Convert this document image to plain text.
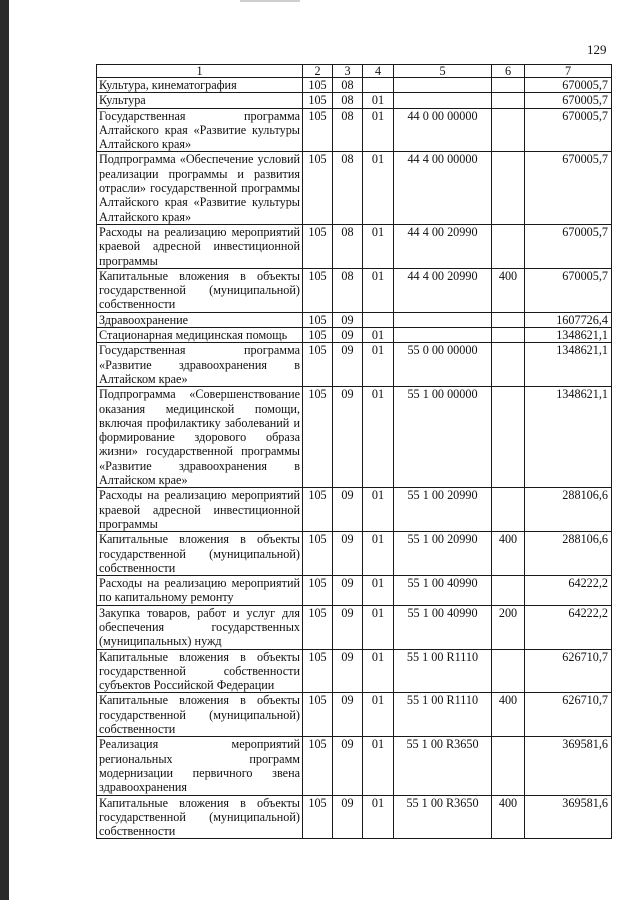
129
1	2	3	4	5	6	7
Культура, кинематография	105	08				670005,7
Культура	105	08	01			670005,7
Государственная программа Алтайского края «Развитие культуры Алтайского края»	105	08	01	44 0 00 00000		670005,7
Подпрограмма «Обеспечение условий реализации программы и развития отрасли» государственной программы Алтайского края «Развитие культуры Алтайского края»	105	08	01	44 4 00 00000		670005,7
Расходы на реализацию мероприятий краевой адресной инвестиционной программы	105	08	01	44 4 00 20990		670005,7
Капитальные вложения в объекты государственной (муниципальной) собственности	105	08	01	44 4 00 20990	400	670005,7
Здравоохранение	105	09				1607726,4
Стационарная медицинская помощь	105	09	01			1348621,1
Государственная программа «Развитие здравоохранения в Алтайском крае»	105	09	01	55 0 00 00000		1348621,1
Подпрограмма «Совершенствование оказания медицинской помощи, включая профилактику заболеваний и формирование здорового образа жизни» государственной программы «Развитие здравоохранения в Алтайском крае»	105	09	01	55 1 00 00000		1348621,1
Расходы на реализацию мероприятий краевой адресной инвестиционной программы	105	09	01	55 1 00 20990		288106,6
Капитальные вложения в объекты государственной (муниципальной) собственности	105	09	01	55 1 00 20990	400	288106,6
Расходы на реализацию мероприятий по капитальному ремонту	105	09	01	55 1 00 40990		64222,2
Закупка товаров, работ и услуг для обеспечения государственных (муниципальных) нужд	105	09	01	55 1 00 40990	200	64222,2
Капитальные вложения в объекты государственной собственности субъектов Российской Федерации	105	09	01	55 1 00 R1110		626710,7
Капитальные вложения в объекты государственной (муниципальной) собственности	105	09	01	55 1 00 R1110	400	626710,7
Реализация мероприятий региональных программ модернизации первичного звена здравоохранения	105	09	01	55 1 00 R3650		369581,6
Капитальные вложения в объекты государственной (муниципальной) собственности	105	09	01	55 1 00 R3650	400	369581,6
